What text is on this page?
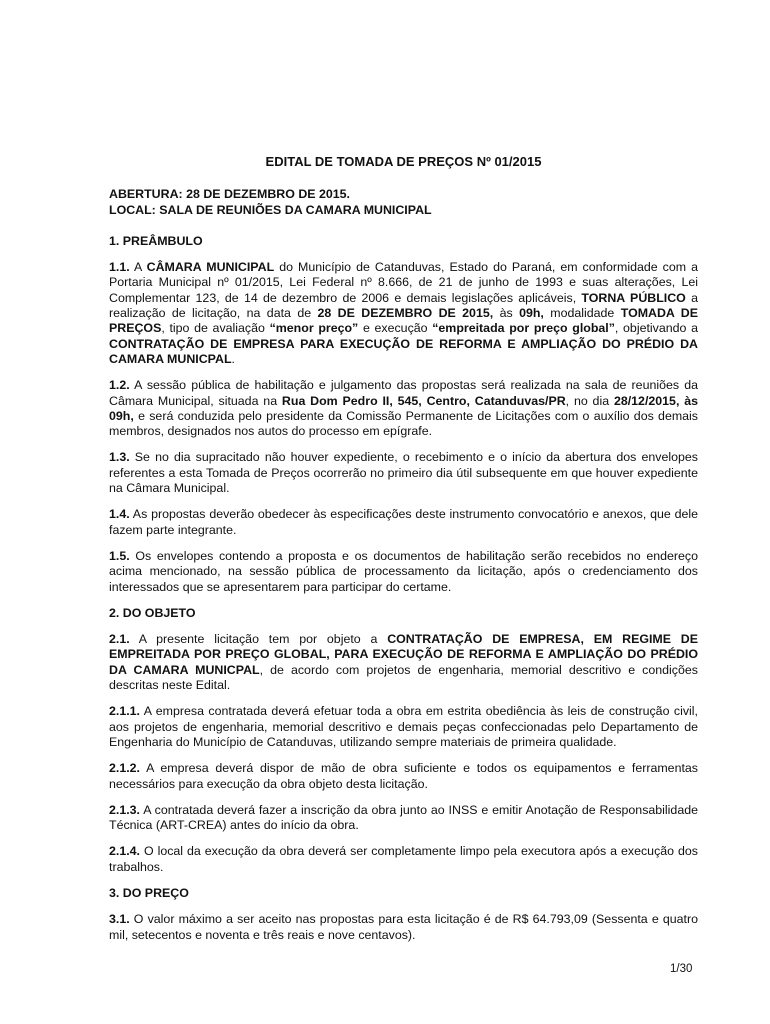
EDITAL DE TOMADA DE PREÇOS Nº 01/2015

ABERTURA: 28 DE DEZEMBRO DE 2015.

LOCAL: SALA DE REUNIÕES DA CAMARA MUNICIPAL

1. PREÂMBULO

1.1. A CÂMARA MUNICIPAL do Município de Catanduvas, Estado do Paraná, em conformidade com a Portaria Municipal nº 01/2015, Lei Federal nº 8.666, de 21 de junho de 1993 e suas alterações, Lei Complementar 123, de 14 de dezembro de 2006 e demais legislações aplicáveis, TORNA PÚBLICO a realização de licitação, na data de 28 DE DEZEMBRO DE 2015, às 09h, modalidade TOMADA DE PREÇOS, tipo de avaliação “menor preço” e execução “empreitada por preço global”, objetivando a CONTRATAÇÃO DE EMPRESA PARA EXECUÇÃO DE REFORMA E AMPLIAÇÃO DO PRÉDIO DA CAMARA MUNICPAL.

1.2. A sessão pública de habilitação e julgamento das propostas será realizada na sala de reuniões da Câmara Municipal, situada na Rua Dom Pedro II, 545, Centro, Catanduvas/PR, no dia 28/12/2015, às 09h, e será conduzida pelo presidente da Comissão Permanente de Licitações com o auxílio dos demais membros, designados nos autos do processo em epígrafe.

1.3. Se no dia supracitado não houver expediente, o recebimento e o início da abertura dos envelopes referentes a esta Tomada de Preços ocorrerão no primeiro dia útil subsequente em que houver expediente na Câmara Municipal.

1.4. As propostas deverão obedecer às especificações deste instrumento convocatório e anexos, que dele fazem parte integrante.

1.5. Os envelopes contendo a proposta e os documentos de habilitação serão recebidos no endereço acima mencionado, na sessão pública de processamento da licitação, após o credenciamento dos interessados que se apresentarem para participar do certame.

2. DO OBJETO

2.1. A presente licitação tem por objeto a CONTRATAÇÃO DE EMPRESA, EM REGIME DE EMPREITADA POR PREÇO GLOBAL, PARA EXECUÇÃO DE REFORMA E AMPLIAÇÃO DO PRÉDIO DA CAMARA MUNICPAL, de acordo com projetos de engenharia, memorial descritivo e condições descritas neste Edital.

2.1.1. A empresa contratada deverá efetuar toda a obra em estrita obediência às leis de construção civil, aos projetos de engenharia, memorial descritivo e demais peças confeccionadas pelo Departamento de Engenharia do Município de Catanduvas, utilizando sempre materiais de primeira qualidade.

2.1.2. A empresa deverá dispor de mão de obra suficiente e todos os equipamentos e ferramentas necessários para execução da obra objeto desta licitação.

2.1.3. A contratada deverá fazer a inscrição da obra junto ao INSS e emitir Anotação de Responsabilidade Técnica (ART-CREA) antes do início da obra.

2.1.4. O local da execução da obra deverá ser completamente limpo pela executora após a execução dos trabalhos.

3. DO PREÇO

3.1. O valor máximo a ser aceito nas propostas para esta licitação é de R$ 64.793,09 (Sessenta e quatro mil, setecentos e noventa e três reais e nove centavos).

1/30
